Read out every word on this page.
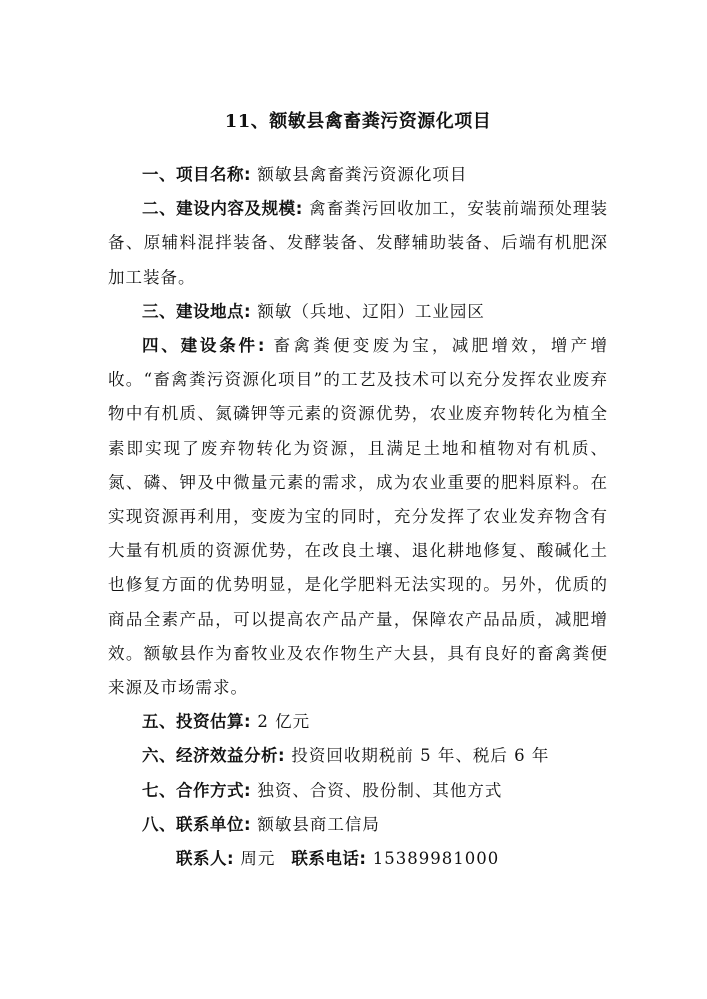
11、额敏县禽畜粪污资源化项目

一、项目名称: 额敏县禽畜粪污资源化项目

二、建设内容及规模: 禽畜粪污回收加工，安装前端预处理装备、原辅料混拌装备、发酵装备、发酵辅助装备、后端有机肥深加工装备。

三、建设地点: 额敏（兵地、辽阳）工业园区

四、建设条件: 畜禽粪便变废为宝，减肥增效，增产增收。“畜禽粪污资源化项目”的工艺及技术可以充分发挥农业废弃物中有机质、氮磷钾等元素的资源优势，农业废弃物转化为植全素即实现了废弃物转化为资源，且满足土地和植物对有机质、氮、磷、钾及中微量元素的需求，成为农业重要的肥料原料。在实现资源再利用，变废为宝的同时，充分发挥了农业发弃物含有大量有机质的资源优势，在改良土壤、退化耕地修复、酸碱化土也修复方面的优势明显，是化学肥料无法实现的。另外，优质的商品全素产品，可以提高农产品产量，保障农产品品质，减肥增效。额敏县作为畜牧业及农作物生产大县，具有良好的畜禽粪便来源及市场需求。

五、投资估算: 2 亿元

六、经济效益分析: 投资回收期税前 5 年、税后 6 年

七、合作方式: 独资、合资、股份制、其他方式

八、联系单位: 额敏县商工信局

联系人: 周元 联系电话: 15389981000
